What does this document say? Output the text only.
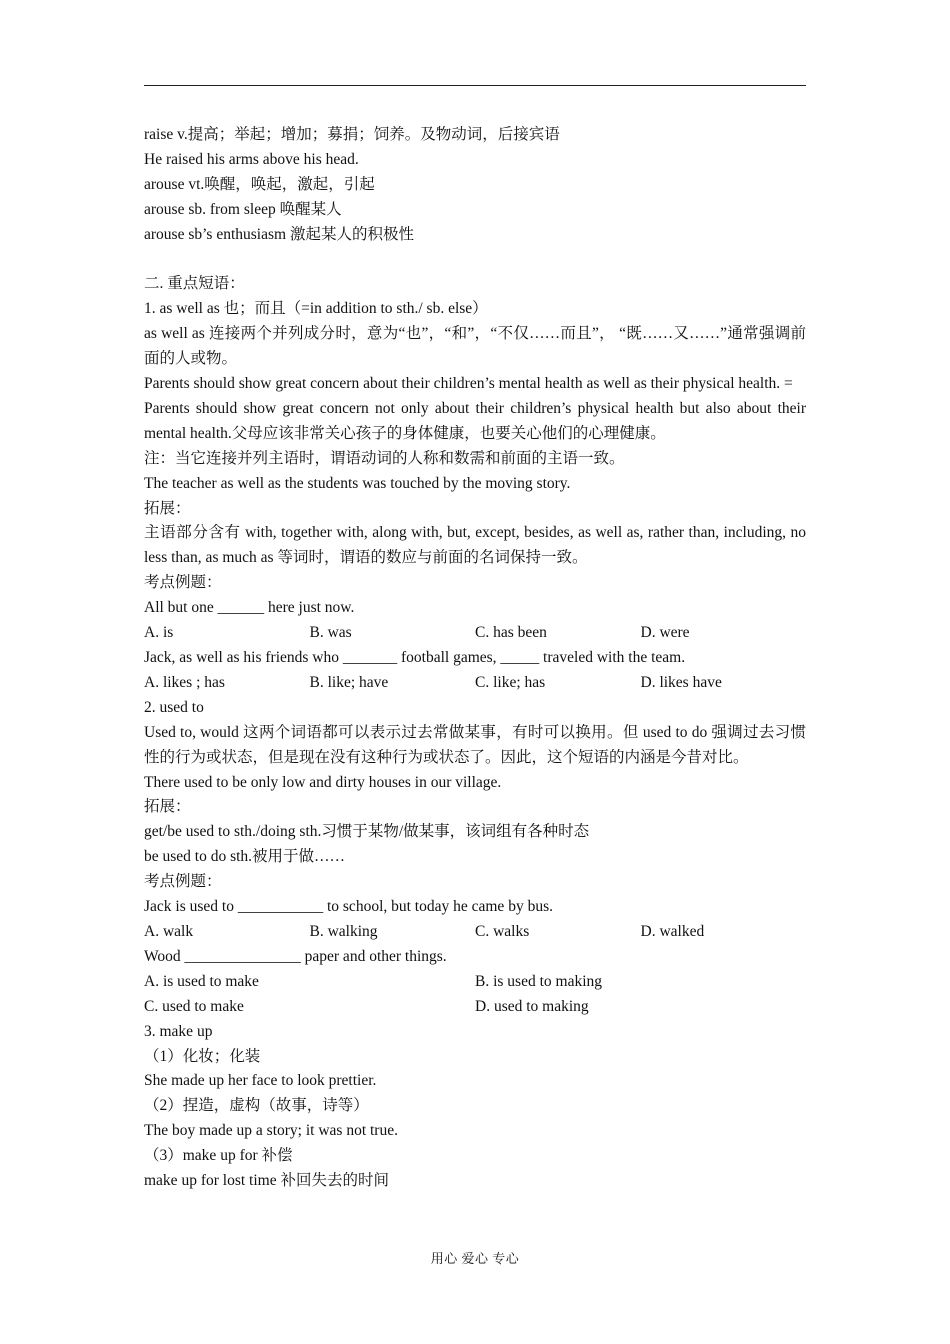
raise v.提高；举起；增加；募捐；饲养。及物动词，后接宾语
He raised his arms above his head.
arouse vt.唤醒，唤起，激起，引起
arouse sb. from sleep 唤醒某人
arouse sb’s enthusiasm 激起某人的积极性
二. 重点短语：
1. as well as 也；而且（=in addition to sth./ sb. else）
as well as 连接两个并列成分时，意为“也”，“和”，“不仅……而且”， “既……又……”通常强调前面的人或物。
Parents should show great concern about their children’s mental health as well as their physical health. =
Parents should show great concern not only about their children’s physical health but also about their mental health.父母应该非常关心孩子的身体健康，也要关心他们的心理健康。
注：当它连接并列主语时，谓语动词的人称和数需和前面的主语一致。
The teacher as well as the students was touched by the moving story.
拓展：
主语部分含有 with, together with, along with, but, except, besides, as well as, rather than, including, no less than, as much as 等词时，谓语的数应与前面的名词保持一致。
考点例题：
All but one ______ here just now.
A. is	B. was	C. has been	D. were
Jack, as well as his friends who _______ football games, _____ traveled with the team.
A. likes ; has	B. like; have	C. like; has	D. likes have
2. used to
Used to, would 这两个词语都可以表示过去常做某事，有时可以换用。但 used to do 强调过去习惯性的行为或状态，但是现在没有这种行为或状态了。因此，这个短语的内涵是今昔对比。
There used to be only low and dirty houses in our village.
拓展：
get/be used to sth./doing sth.习惯于某物/做某事，该词组有各种时态
be used to do sth.被用于做……
考点例题：
Jack is used to ___________ to school, but today he came by bus.
A. walk	B. walking	C. walks	D. walked
Wood _______________ paper and other things.
A. is used to make	B. is used to making
C. used to make	D. used to making
3. make up
（1）化妆；化装
She made up her face to look prettier.
（2）捏造，虚构（故事，诗等）
The boy made up a story; it was not true.
（3）make up for 补偿
make up for lost time 补回失去的时间
用心 爱心 专心
